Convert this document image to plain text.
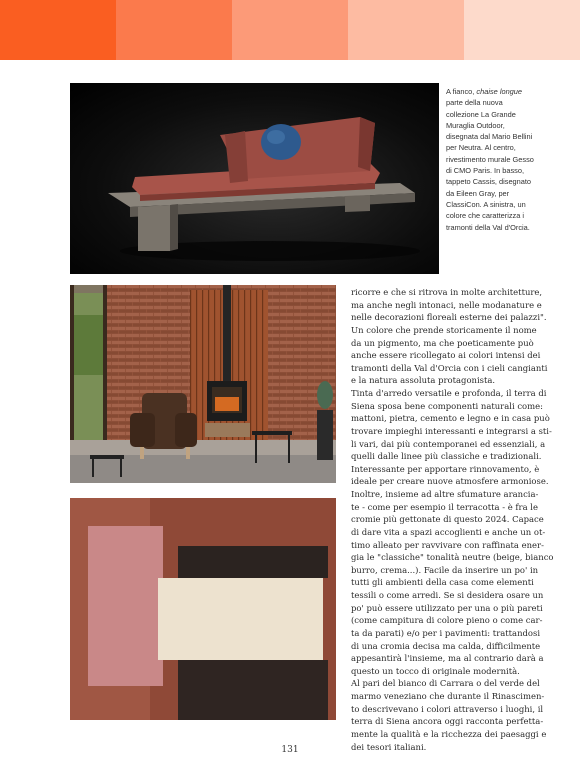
A fianco, chaise longue parte della nuova collezione La Grande Muraglia Outdoor, disegnata dal Mario Bellini per Neutra. Al centro, rivestimento murale Gesso di CMO Paris. In basso, tappeto Cassis, disegnato da Eileen Gray, per ClassiCon. A sinistra, un colore che caratterizza i tramonti della Val d'Orcia.

ricorre e che si ritrova in molte architetture,
ma anche negli intonaci, nelle modanature e
nelle decorazioni floreali esterne dei palazzi".
Un colore che prende storicamente il nome
da un pigmento, ma che poeticamente può
anche essere ricollegato ai colori intensi dei
tramonti della Val d'Orcia con i cieli cangianti
e la natura assoluta protagonista.
Tinta d'arredo versatile e profonda, il terra di
Siena sposa bene componenti naturali come:
mattoni, pietra, cemento e legno e in casa può
trovare impieghi interessanti e integrarsi a sti-
li vari, dai più contemporanei ed essenziali, a
quelli dalle linee più classiche e tradizionali.
Interessante per apportare rinnovamento, è
ideale per creare nuove atmosfere armoniose.
Inoltre, insieme ad altre sfumature arancia-
te - come per esempio il terracotta - è fra le
cromie più gettonate di questo 2024. Capace
di dare vita a spazi accoglienti e anche un ot-
timo alleato per ravvivare con raffinata ener-
gia le "classiche" tonalità neutre (beige, bianco
burro, crema...). Facile da inserire un po' in
tutti gli ambienti della casa come elementi
tessili o come arredi. Se si desidera osare un
po' può essere utilizzato per una o più pareti
(come campitura di colore pieno o come car-
ta da parati) e/o per i pavimenti: trattandosi
di una cromia decisa ma calda, difficilmente
appesantirà l'insieme, ma al contrario darà a
questo un tocco di originale modernità.
Al pari del bianco di Carrara o del verde del
marmo veneziano che durante il Rinascimen-
to descrivevano i colori attraverso i luoghi, il
terra di Siena ancora oggi racconta perfetta-
mente la qualità e la ricchezza dei paesaggi e
dei tesori italiani.
131
